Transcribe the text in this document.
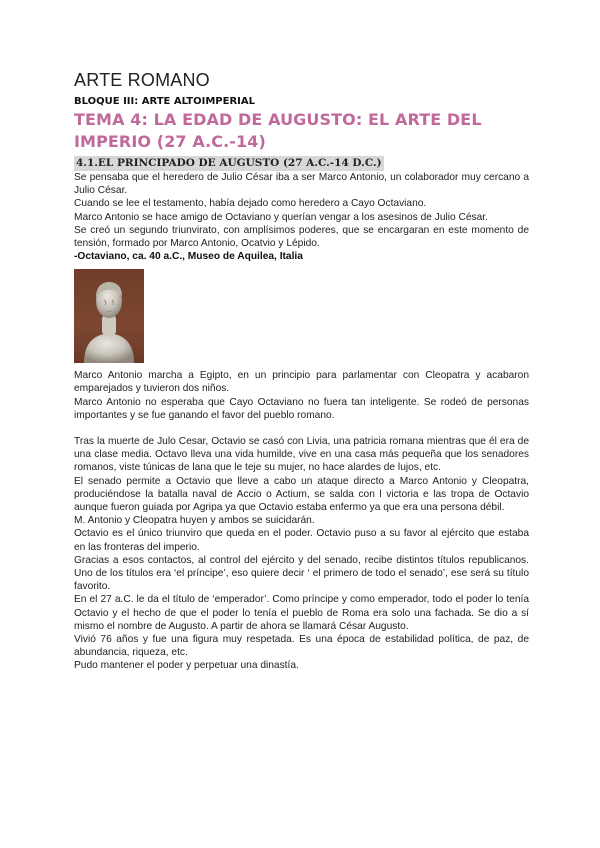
ARTE ROMANO
BLOQUE III: ARTE ALTOIMPERIAL
TEMA 4: LA EDAD DE AUGUSTO: EL ARTE DEL IMPERIO (27 A.C.-14)
4.1.EL PRINCIPADO DE AUGUSTO (27 A.C.-14 D.C.)

Se pensaba que el heredero de Julio César iba a ser Marco Antonio, un colaborador muy cercano a Julio César.

Cuando se lee el testamento, había dejado como heredero a Cayo Octaviano.

Marco Antonio se hace amigo de Octaviano y querían vengar a los asesinos de Julio César.

Se creó un segundo triunvirato, con amplísimos poderes, que se encargaran en este momento de tensión, formado por Marco Antonio, Ocatvio y Lépido.

-Octaviano, ca. 40 a.C., Museo de Aquilea, Italia

Marco Antonio marcha a Egipto, en un principio para parlamentar con Cleopatra y acabaron emparejados y tuvieron dos niños.

Marco Antonio no esperaba que Cayo Octaviano no fuera tan inteligente. Se rodeó de personas importantes y se fue ganando el favor del pueblo romano.

Tras la muerte de Julo Cesar, Octavio se casó con Livia, una patricia romana mientras que él era de una clase media. Octavo lleva una vida humilde, vive en una casa más pequeña que los senadores romanos, viste túnicas de lana que le teje su mujer, no hace alardes de lujos, etc.

El senado permite a Octavio que lleve a cabo un ataque directo a Marco Antonio y Cleopatra, produciéndose la batalla naval de Accio o Actium, se salda con l victoria e las tropa de Octavio aunque fueron guiada por Agripa ya que Octavio estaba enfermo ya que era una persona débil.

M. Antonio y Cleopatra huyen y ambos se suicidarán.

Octavio es el único triunviro que queda en el poder. Octavio puso a su favor al ejército que estaba en las fronteras del imperio.

Gracias a esos contactos, al control del ejército y del senado, recibe distintos títulos republicanos. Uno de los títulos era ‘el príncipe’, eso quiere decir ‘ el primero de todo el senado’, ese será su título favorito.

En el 27 a.C. le da el título de ‘emperador’. Como príncipe y como emperador, todo el poder lo tenía Octavio y el hecho de que el poder lo tenía el pueblo de Roma era solo una fachada. Se dio a sí mismo el nombre de Augusto. A partir de ahora se llamará César Augusto.

Vivió 76 años y fue una figura muy respetada. Es una época de estabilidad política, de paz, de abundancia, riqueza, etc.

Pudo mantener el poder y perpetuar una dinastía.
